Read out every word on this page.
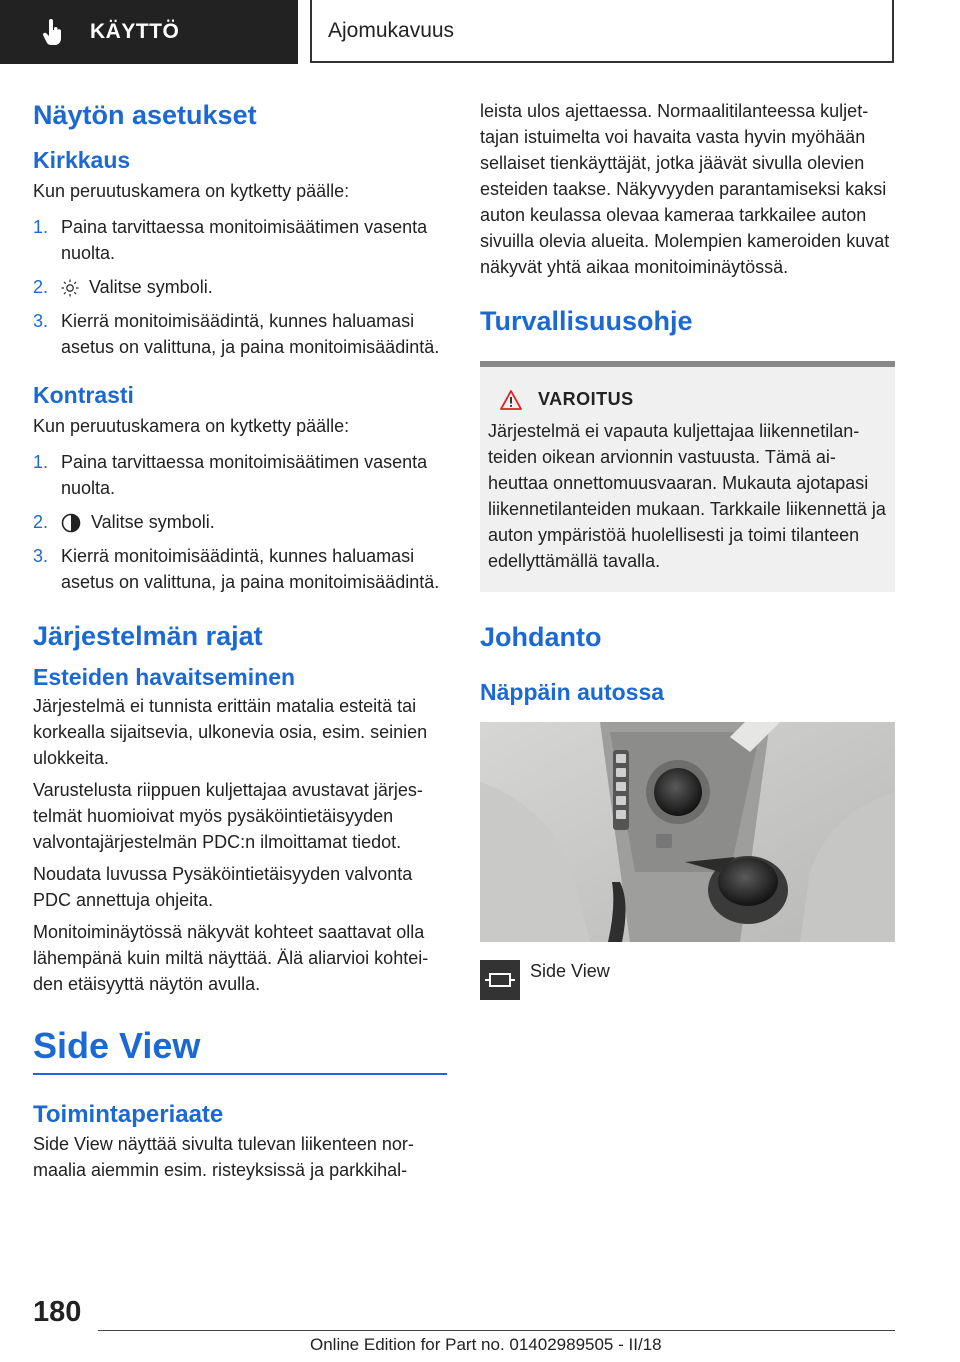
KÄYTTÖ	Ajomukavuus
Näytön asetukset
Kirkkaus

Kun peruutuskamera on kytketty päälle:

1. Paina tarvittaessa monitoimisäätimen vasenta nuolta.
2. Valitse symboli.
3. Kierrä monitoimisäädintä, kunnes haluamasi asetus on valittuna, ja paina monitoimisäädintä.
Kontrasti

Kun peruutuskamera on kytketty päälle:

1. Paina tarvittaessa monitoimisäätimen vasenta nuolta.
2. Valitse symboli.
3. Kierrä monitoimisäädintä, kunnes haluamasi asetus on valittuna, ja paina monitoimisäädintä.
Järjestelmän rajat
Esteiden havaitseminen

Järjestelmä ei tunnista erittäin matalia esteitä tai korkealla sijaitsevia, ulkonevia osia, esim. seinien ulokkeita.

Varustelusta riippuen kuljettajaa avustavat järjestelmät huomioivat myös pysäköintietäisyyden valvontajärjestelmän PDC:n ilmoittamat tiedot.

Noudata luvussa Pysäköintietäisyyden valvonta PDC annettuja ohjeita.

Monitoiminäytössä näkyvät kohteet saattavat olla lähempänä kuin miltä näyttää. Älä aliarvioi kohteiden etäisyyttä näytön avulla.

Side View
Toimintaperiaate

Side View näyttää sivulta tulevan liikenteen normaalia aiemmin esim. risteyksissä ja parkkihal-

leista ulos ajettaessa. Normaalitilanteessa kuljettajan istuimelta voi havaita vasta hyvin myöhään sellaiset tienkäyttäjät, jotka jäävät sivulla olevien esteiden taakse. Näkyvyyden parantamiseksi kaksi auton keulassa olevaa kameraa tarkkailee auton sivuilla olevia alueita. Molempien kameroiden kuvat näkyvät yhtä aikaa monitoiminäytössä.

Turvallisuusohje
VAROITUS

Järjestelmä ei vapauta kuljettajaa liikennetilanteiden oikean arvionnin vastuusta. Tämä aiheuttaa onnettomuusvaaran. Mukauta ajotapasi liikennetilanteiden mukaan. Tarkkaile liikennettä ja auton ympäristöä huolellisesti ja toimi tilanteen edellyttämällä tavalla.

Johdanto
Näppäin autossa
Side View
180
Online Edition for Part no. 01402989505 - II/18
